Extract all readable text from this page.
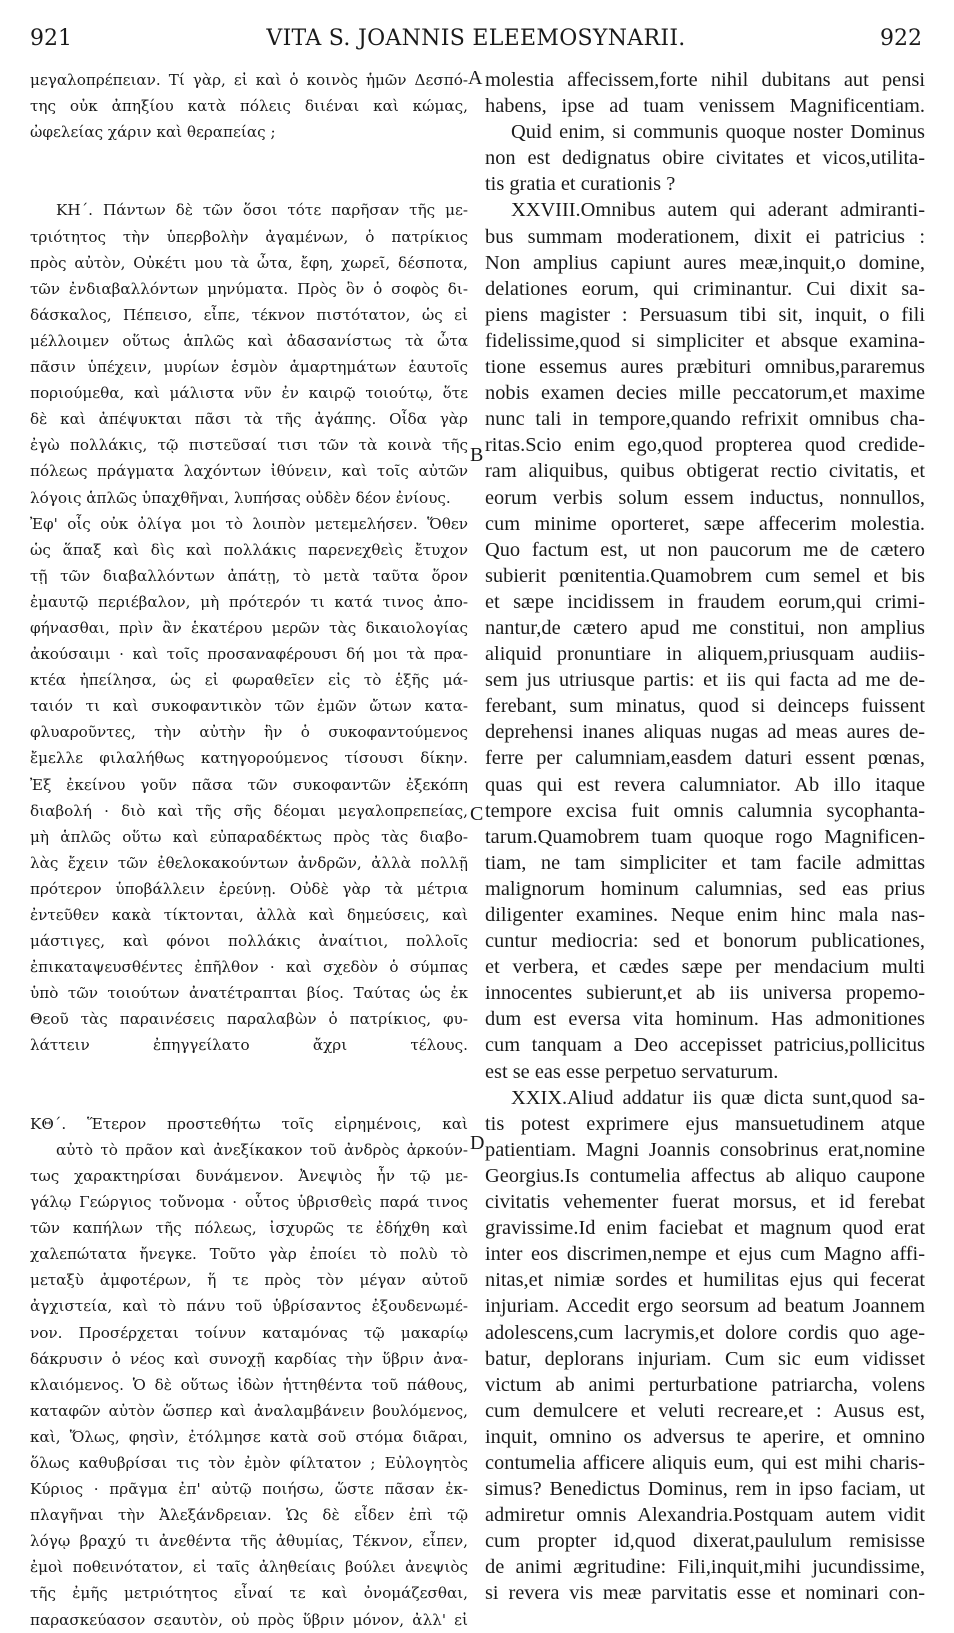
921	VITA S. JOANNIS ELEEMOSYNARII.	922
μεγαλοπρέπειαν. Τί γὰρ, εἰ καὶ ὁ κοινὸς ἡμῶν Δεσπό-
της οὐκ ἀπηξίου κατὰ πόλεις διιέναι καὶ κώμας,
ὠφελείας χάριν καὶ θεραπείας ;
ΚΗ΄. Πάντων δὲ τῶν ὅσοι τότε παρῆσαν τῆς με-
τριότητος τὴν ὑπερβολὴν ἀγαμένων, ὁ πατρίκιος
πρὸς αὐτὸν, Οὐκέτι μου τὰ ὦτα, ἔφη, χωρεῖ, δέσποτα,
τῶν ἐνδιαβαλλόντων μηνύματα. Πρὸς ὃν ὁ σοφὸς δι-
δάσκαλος, Πέπεισο, εἶπε, τέκνον πιστότατον, ὡς εἰ
μέλλοιμεν οὕτως ἁπλῶς καὶ ἀδασανίστως τὰ ὦτα
πᾶσιν ὑπέχειν, μυρίων ἑσμὸν ἁμαρτημάτων ἑαυτοῖς
ποριούμεθα, καὶ μάλιστα νῦν ἐν καιρῷ τοιούτῳ, ὅτε
δὲ καὶ ἀπέψυκται πᾶσι τὰ τῆς ἀγάπης. Οἶδα γὰρ
ἐγὼ πολλάκις, τῷ πιστεῦσαί τισι τῶν τὰ κοινὰ τῆς
πόλεως πράγματα λαχόντων ἰθύνειν, καὶ τοῖς αὐτῶν
λόγοις ἁπλῶς ὑπαχθῆναι, λυπήσας οὐδὲν δέον ἐνίους.
Ἐφ' οἷς οὐκ ὀλίγα μοι τὸ λοιπὸν μετεμελήσεν. Ὅθεν
ὡς ἅπαξ καὶ δὶς καὶ πολλάκις παρενεχθεὶς ἔτυχον
τῇ τῶν διαβαλλόντων ἀπάτῃ, τὸ μετὰ ταῦτα ὅρον
ἐμαυτῷ περιέβαλον, μὴ πρότερόν τι κατά τινος ἀπο-
φήνασθαι, πρὶν ἂν ἑκατέρου μερῶν τὰς δικαιολογίας
ἀκούσαιμι · καὶ τοῖς προσαναφέρουσι δή μοι τὰ πρα-
κτέα ἠπείλησα, ὡς εἰ φωραθεῖεν εἰς τὸ ἑξῆς μά-
ταιόν τι καὶ συκοφαντικὸν τῶν ἐμῶν ὤτων κατα-
φλυαροῦντες, τὴν αὐτὴν ἣν ὁ συκοφαντούμενος
ἔμελλε φιλαλήθως κατηγορούμενος τίσουσι δίκην.
Ἐξ ἐκείνου γοῦν πᾶσα τῶν συκοφαντῶν ἐξεκόπη
διαβολή · διὸ καὶ τῆς σῆς δέομαι μεγαλοπρεπείας,
μὴ ἁπλῶς οὕτω καὶ εὐπαραδέκτως πρὸς τὰς διαβο-
λὰς ἔχειν τῶν ἐθελοκακούντων ἀνδρῶν, ἀλλὰ πολλῇ
πρότερον ὑποβάλλειν ἐρεύνῃ. Οὐδὲ γὰρ τὰ μέτρια
ἐντεῦθεν κακὰ τίκτονται, ἀλλὰ καὶ δημεύσεις, καὶ
μάστιγες, καὶ φόνοι πολλάκις ἀναίτιοι, πολλοῖς
ἐπικαταψευσθέντες ἐπῆλθον · καὶ σχεδὸν ὁ σύμπας
ὑπὸ τῶν τοιούτων ἀνατέτραπται βίος. Ταύτας ὡς ἐκ
Θεοῦ τὰς παραινέσεις παραλαβὼν ὁ πατρίκιος, φυ-
λάττειν ἐπηγγείλατο ἄχρι τέλους.
ΚΘ΄. Ἕτερον προστεθήτω τοῖς εἰρημένοις, καὶ
αὐτὸ τὸ πρᾶον καὶ ἀνεξίκακον τοῦ ἀνδρὸς ἀρκούν-
τως χαρακτηρίσαι δυνάμενον. Ἀνεψιὸς ἦν τῷ με-
γάλῳ Γεώργιος τοὔνομα · οὗτος ὑβρισθεὶς παρά τινος
τῶν καπήλων τῆς πόλεως, ἰσχυρῶς τε ἐδήχθη καὶ
χαλεπώτατα ἤνεγκε. Τοῦτο γὰρ ἐποίει τὸ πολὺ τὸ
μεταξὺ ἀμφοτέρων, ἥ τε πρὸς τὸν μέγαν αὐτοῦ
ἀγχιστεία, καὶ τὸ πάνυ τοῦ ὑβρίσαντος ἐξουδενωμέ-
νον. Προσέρχεται τοίνυν καταμόνας τῷ μακαρίῳ
δάκρυσιν ὁ νέος καὶ συνοχῇ καρδίας τὴν ὕβριν ἀνα-
κλαιόμενος. Ὁ δὲ οὕτως ἰδὼν ἡττηθέντα τοῦ πάθους,
καταφῶν αὐτὸν ὥσπερ καὶ ἀναλαμβάνειν βουλόμενος,
καὶ, Ὅλως, φησὶν, ἐτόλμησε κατὰ σοῦ στόμα διᾶραι,
ὅλως καθυβρίσαι τις τὸν ἐμὸν φίλτατον ; Εὐλογητὸς
Κύριος · πρᾶγμα ἐπ' αὐτῷ ποιήσω, ὥστε πᾶσαν ἐκ-
πλαγῆναι τὴν Ἀλεξάνδρειαν. Ὡς δὲ εἶδεν ἐπὶ τῷ
λόγῳ βραχύ τι ἀνεθέντα τῆς ἀθυμίας, Τέκνον, εἶπεν,
ἐμοὶ ποθεινότατον, εἰ ταῖς ἀληθείαις βούλει ἀνεψιὸς
τῆς ἐμῆς μετριότητος εἶναί τε καὶ ὀνομάζεσθαι,
παρασκεύασον σεαυτὸν, οὐ πρὸς ὕβριν μόνον, ἀλλ' εἰ
molestia affecissem,forte nihil dubitans aut pensi
habens, ipse ad tuam venissem Magnificentiam.
Quid enim, si communis quoque noster Dominus
non est dedignatus obire civitates et vicos,utilita-
tis gratia et curationis ?
XXVIII.Omnibus autem qui aderant admiranti-
bus summam moderationem, dixit ei patricius :
Non amplius capiunt aures meæ,inquit,o domine,
delationes eorum, qui criminantur. Cui dixit sa-
piens magister : Persuasum tibi sit, inquit, o fili
fidelissime,quod si simpliciter et absque examina-
tione essemus aures præbituri omnibus,pararemus
nobis examen decies mille peccatorum,et maxime
nunc tali in tempore,quando refrixit omnibus cha-
ritas.Scio enim ego,quod propterea quod credide-
ram aliquibus, quibus obtigerat rectio civitatis, et
eorum verbis solum essem inductus, nonnullos,
cum minime oporteret, sæpe affecerim molestia.
Quo factum est, ut non paucorum me de cætero
subierit pœnitentia.Quamobrem cum semel et bis
et sæpe incidissem in fraudem eorum,qui crimi-
nantur,de cætero apud me constitui, non amplius
aliquid pronuntiare in aliquem,priusquam audiis-
sem jus utriusque partis: et iis qui facta ad me de-
ferebant, sum minatus, quod si deinceps fuissent
deprehensi inanes aliquas nugas ad meas aures de-
ferre per calumniam,easdem daturi essent pœnas,
quas qui est revera calumniator. Ab illo itaque
tempore excisa fuit omnis calumnia sycophanta-
tarum.Quamobrem tuam quoque rogo Magnificen-
tiam, ne tam simpliciter et tam facile admittas
malignorum hominum calumnias, sed eas prius
diligenter examines. Neque enim hinc mala nas-
cuntur mediocria: sed et bonorum publicationes,
et verbera, et cædes sæpe per mendacium multi
innocentes subierunt,et ab iis universa propemo-
dum est eversa vita hominum. Has admonitiones
cum tanquam a Deo accepisset patricius,pollicitus
est se eas esse perpetuo servaturum.
XXIX.Aliud addatur iis quæ dicta sunt,quod sa-
tis potest exprimere ejus mansuetudinem atque
patientiam. Magni Joannis consobrinus erat,nomine
Georgius.Is contumelia affectus ab aliquo caupone
civitatis vehementer fuerat morsus, et id ferebat
gravissime.Id enim faciebat et magnum quod erat
inter eos discrimen,nempe et ejus cum Magno affi-
nitas,et nimiæ sordes et humilitas ejus qui fecerat
injuriam. Accedit ergo seorsum ad beatum Joannem
adolescens,cum lacrymis,et dolore cordis quo age-
batur, deplorans injuriam. Cum sic eum vidisset
victum ab animi perturbatione patriarcha, volens
cum demulcere et veluti recreare,et : Ausus est,
inquit, omnino os adversus te aperire, et omnino
contumelia afficere aliquis eum, qui est mihi charis-
simus? Benedictus Dominus, rem in ipso faciam, ut
admiretur omnis Alexandria.Postquam autem vidit
cum propter id,quod dixerat,paululum remisisse
de animi ægritudine: Fili,inquit,mihi jucundissime,
si revera vis meæ parvitatis esse et nominari con-
A
B
C
D
